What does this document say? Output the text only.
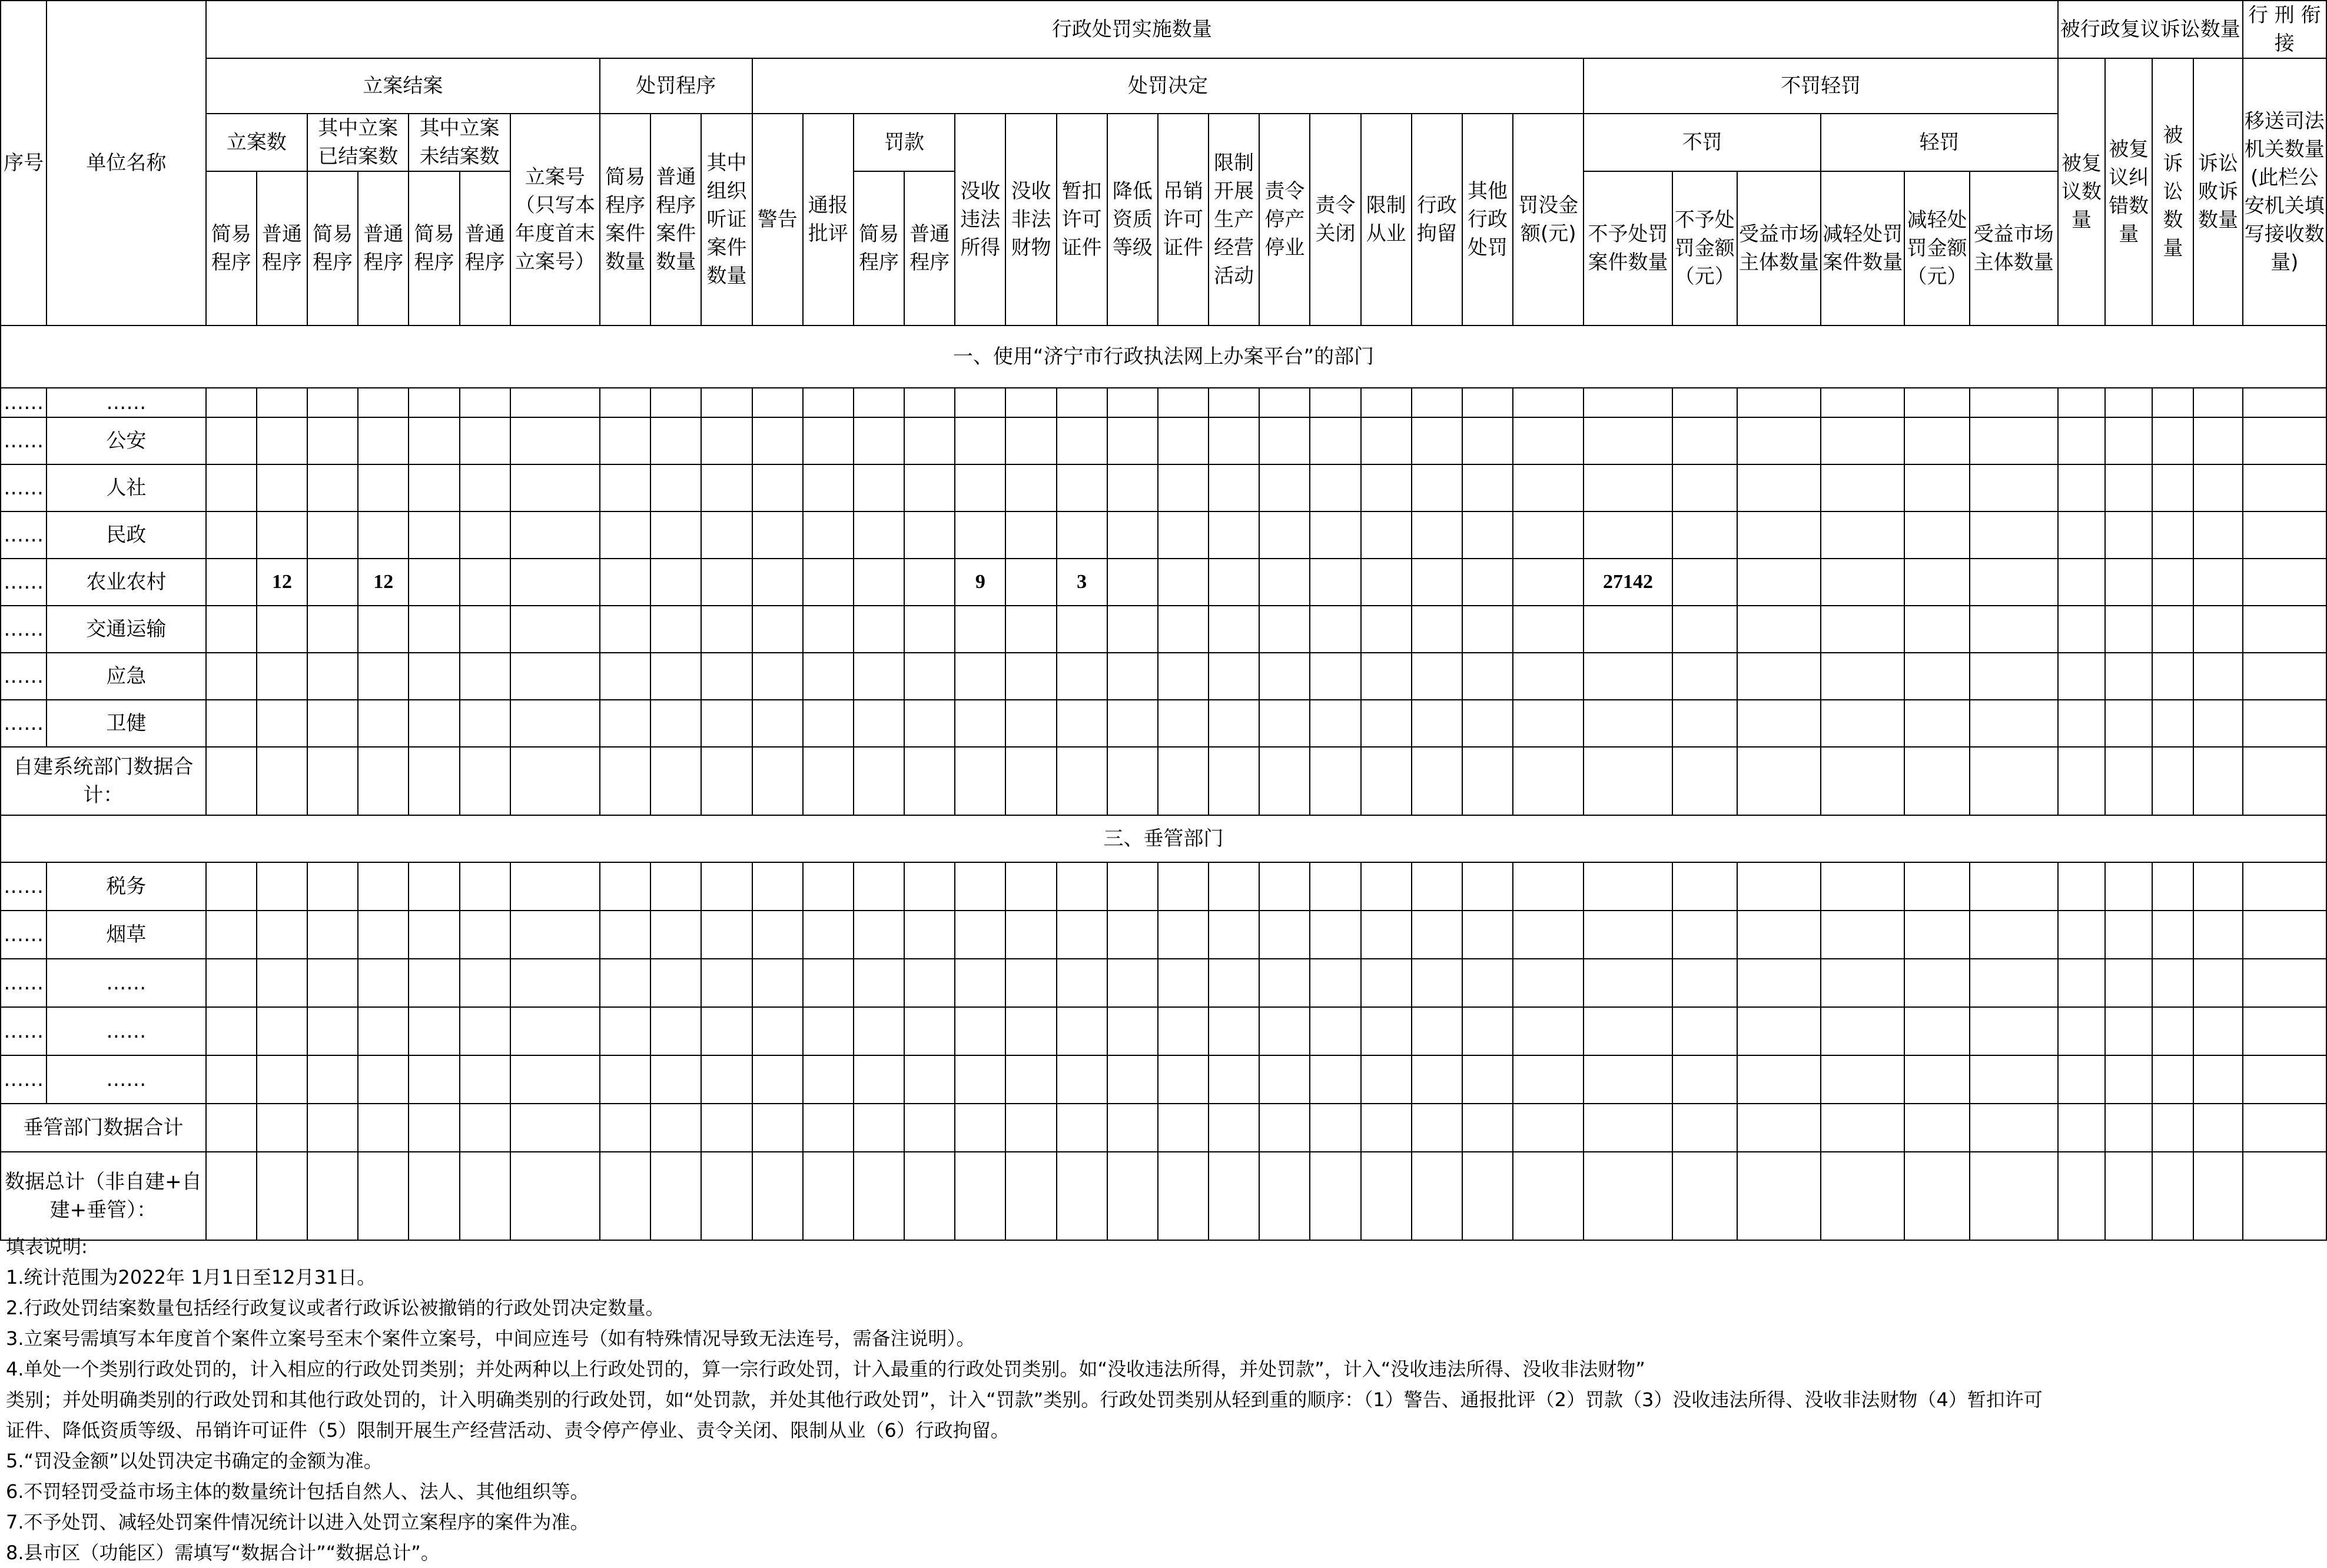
序号	单位名称	行政处罚实施数量																																被行政复议诉讼数量				行 刑 衔 接
		立案结案							处罚程序			处罚决定																不罚轻罚						被复议数量	被复议纠错数量	被诉讼数量	诉讼败诉数量	移送司法机关数量(此栏公安机关填写接收数量)
		立案数		其中立案已结案数		其中立案未结案数		立案号（只写本年度首末立案号）	简易程序案件数量	普通程序案件数量	其中组织听证案件数量	警告	通报批评	罚款		没收违法所得	没收非法财物	暂扣许可证件	降低资质等级	吊销许可证件	限制开展生产经营活动	责令停产停业	责令关闭	限制从业	行政拘留	其他行政处罚	罚没金额(元)	不罚			轻罚							
		简易程序	普通程序	简易程序	普通程序	简易程序	普通程序							简易程序	普通程序													不予处罚案件数量	不予处罚金额（元）	受益市场主体数量	减轻处罚案件数量	减轻处罚金额（元）	受益市场主体数量					
一、使用“济宁市行政执法网上办案平台”的部门																																						
……	……																																					
……	公安																																					
……	人社																																					
……	民政																																					
……	农业农村		12		12											9		3										27142										
……	交通运输																																					
……	应急																																					
……	卫健																																					
自建系统部门数据合计：																																						
三、垂管部门																																						
……	税务																																					
……	烟草																																					
……	……																																					
……	……																																					
……	……																																					
垂管部门数据合计																																						
数据总计（非自建+自建+垂管）：																																						
填表说明:
1.统计范围为2022年 1月1日至12月31日。
2.行政处罚结案数量包括经行政复议或者行政诉讼被撤销的行政处罚决定数量。
3.立案号需填写本年度首个案件立案号至末个案件立案号，中间应连号（如有特殊情况导致无法连号，需备注说明）。
4.单处一个类别行政处罚的，计入相应的行政处罚类别；并处两种以上行政处罚的，算一宗行政处罚，计入最重的行政处罚类别。如“没收违法所得，并处罚款”，计入“没收违法所得、没收非法财物”
类别；并处明确类别的行政处罚和其他行政处罚的，计入明确类别的行政处罚，如“处罚款，并处其他行政处罚”，计入“罚款”类别。行政处罚类别从轻到重的顺序：（1）警告、通报批评（2）罚款（3）没收违法所得、没收非法财物（4）暂扣许可
证件、降低资质等级、吊销许可证件（5）限制开展生产经营活动、责令停产停业、责令关闭、限制从业（6）行政拘留。
5.“罚没金额”以处罚决定书确定的金额为准。
6.不罚轻罚受益市场主体的数量统计包括自然人、法人、其他组织等。
7.不予处罚、减轻处罚案件情况统计以进入处罚立案程序的案件为准。
8.县市区（功能区）需填写“数据合计”“数据总计”。
